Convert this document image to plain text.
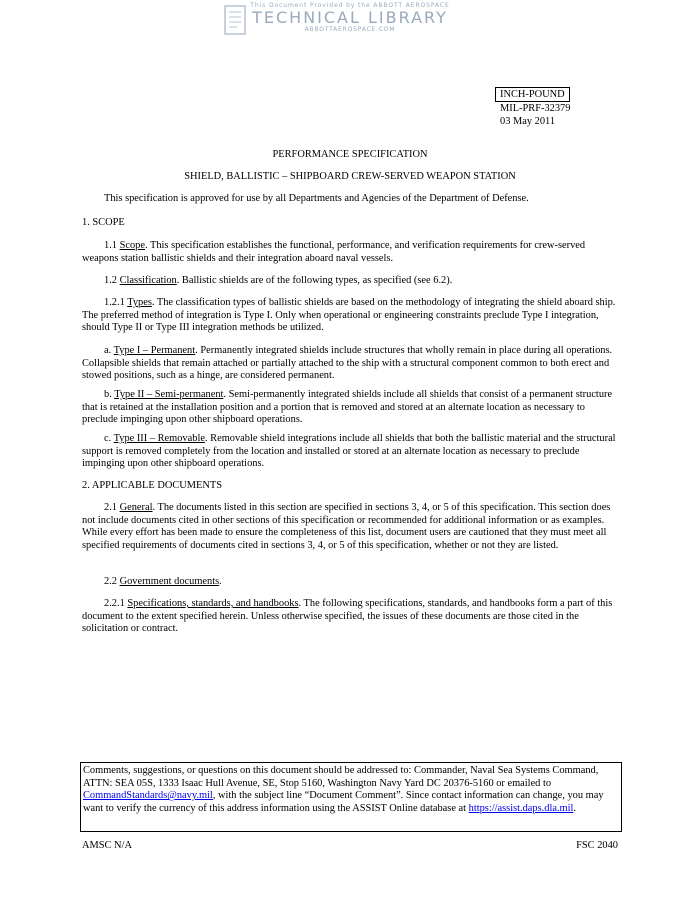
This Document Provided by the ABBOTT AEROSPACE
TECHNICAL LIBRARY
ABBOTTAEROSPACE.COM
INCH-POUND
MIL-PRF-32379
03 May 2011
PERFORMANCE SPECIFICATION
SHIELD, BALLISTIC – SHIPBOARD CREW-SERVED WEAPON STATION
This specification is approved for use by all Departments and Agencies of the Department of Defense.
1. SCOPE

1.1 Scope. This specification establishes the functional, performance, and verification requirements for crew-served weapons station ballistic shields and their integration aboard naval vessels.

1.2 Classification. Ballistic shields are of the following types, as specified (see 6.2).

1.2.1 Types. The classification types of ballistic shields are based on the methodology of integrating the shield aboard ship. The preferred method of integration is Type I. Only when operational or engineering constraints preclude Type I integration, should Type II or Type III integration methods be utilized.

a. Type I – Permanent. Permanently integrated shields include structures that wholly remain in place during all operations. Collapsible shields that remain attached or partially attached to the ship with a structural component common to both erect and stowed positions, such as a hinge, are considered permanent.

b. Type II – Semi-permanent. Semi-permanently integrated shields include all shields that consist of a permanent structure that is retained at the installation position and a portion that is removed and stored at an alternate location as necessary to preclude impinging upon other shipboard operations.

c. Type III – Removable. Removable shield integrations include all shields that both the ballistic material and the structural support is removed completely from the location and installed or stored at an alternate location as necessary to preclude impinging upon other shipboard operations.

2. APPLICABLE DOCUMENTS

2.1 General. The documents listed in this section are specified in sections 3, 4, or 5 of this specification. This section does not include documents cited in other sections of this specification or recommended for additional information or as examples. While every effort has been made to ensure the completeness of this list, document users are cautioned that they must meet all specified requirements of documents cited in sections 3, 4, or 5 of this specification, whether or not they are listed.

2.2 Government documents.

2.2.1 Specifications, standards, and handbooks. The following specifications, standards, and handbooks form a part of this document to the extent specified herein. Unless otherwise specified, the issues of these documents are those cited in the solicitation or contract.

Comments, suggestions, or questions on this document should be addressed to: Commander, Naval Sea Systems Command, ATTN: SEA 05S, 1333 Isaac Hull Avenue, SE, Stop 5160, Washington Navy Yard DC 20376-5160 or emailed to CommandStandards@navy.mil, with the subject line “Document Comment”. Since contact information can change, you may want to verify the currency of this address information using the ASSIST Online database at https://assist.daps.dla.mil.
AMSC N/A	FSC 2040
